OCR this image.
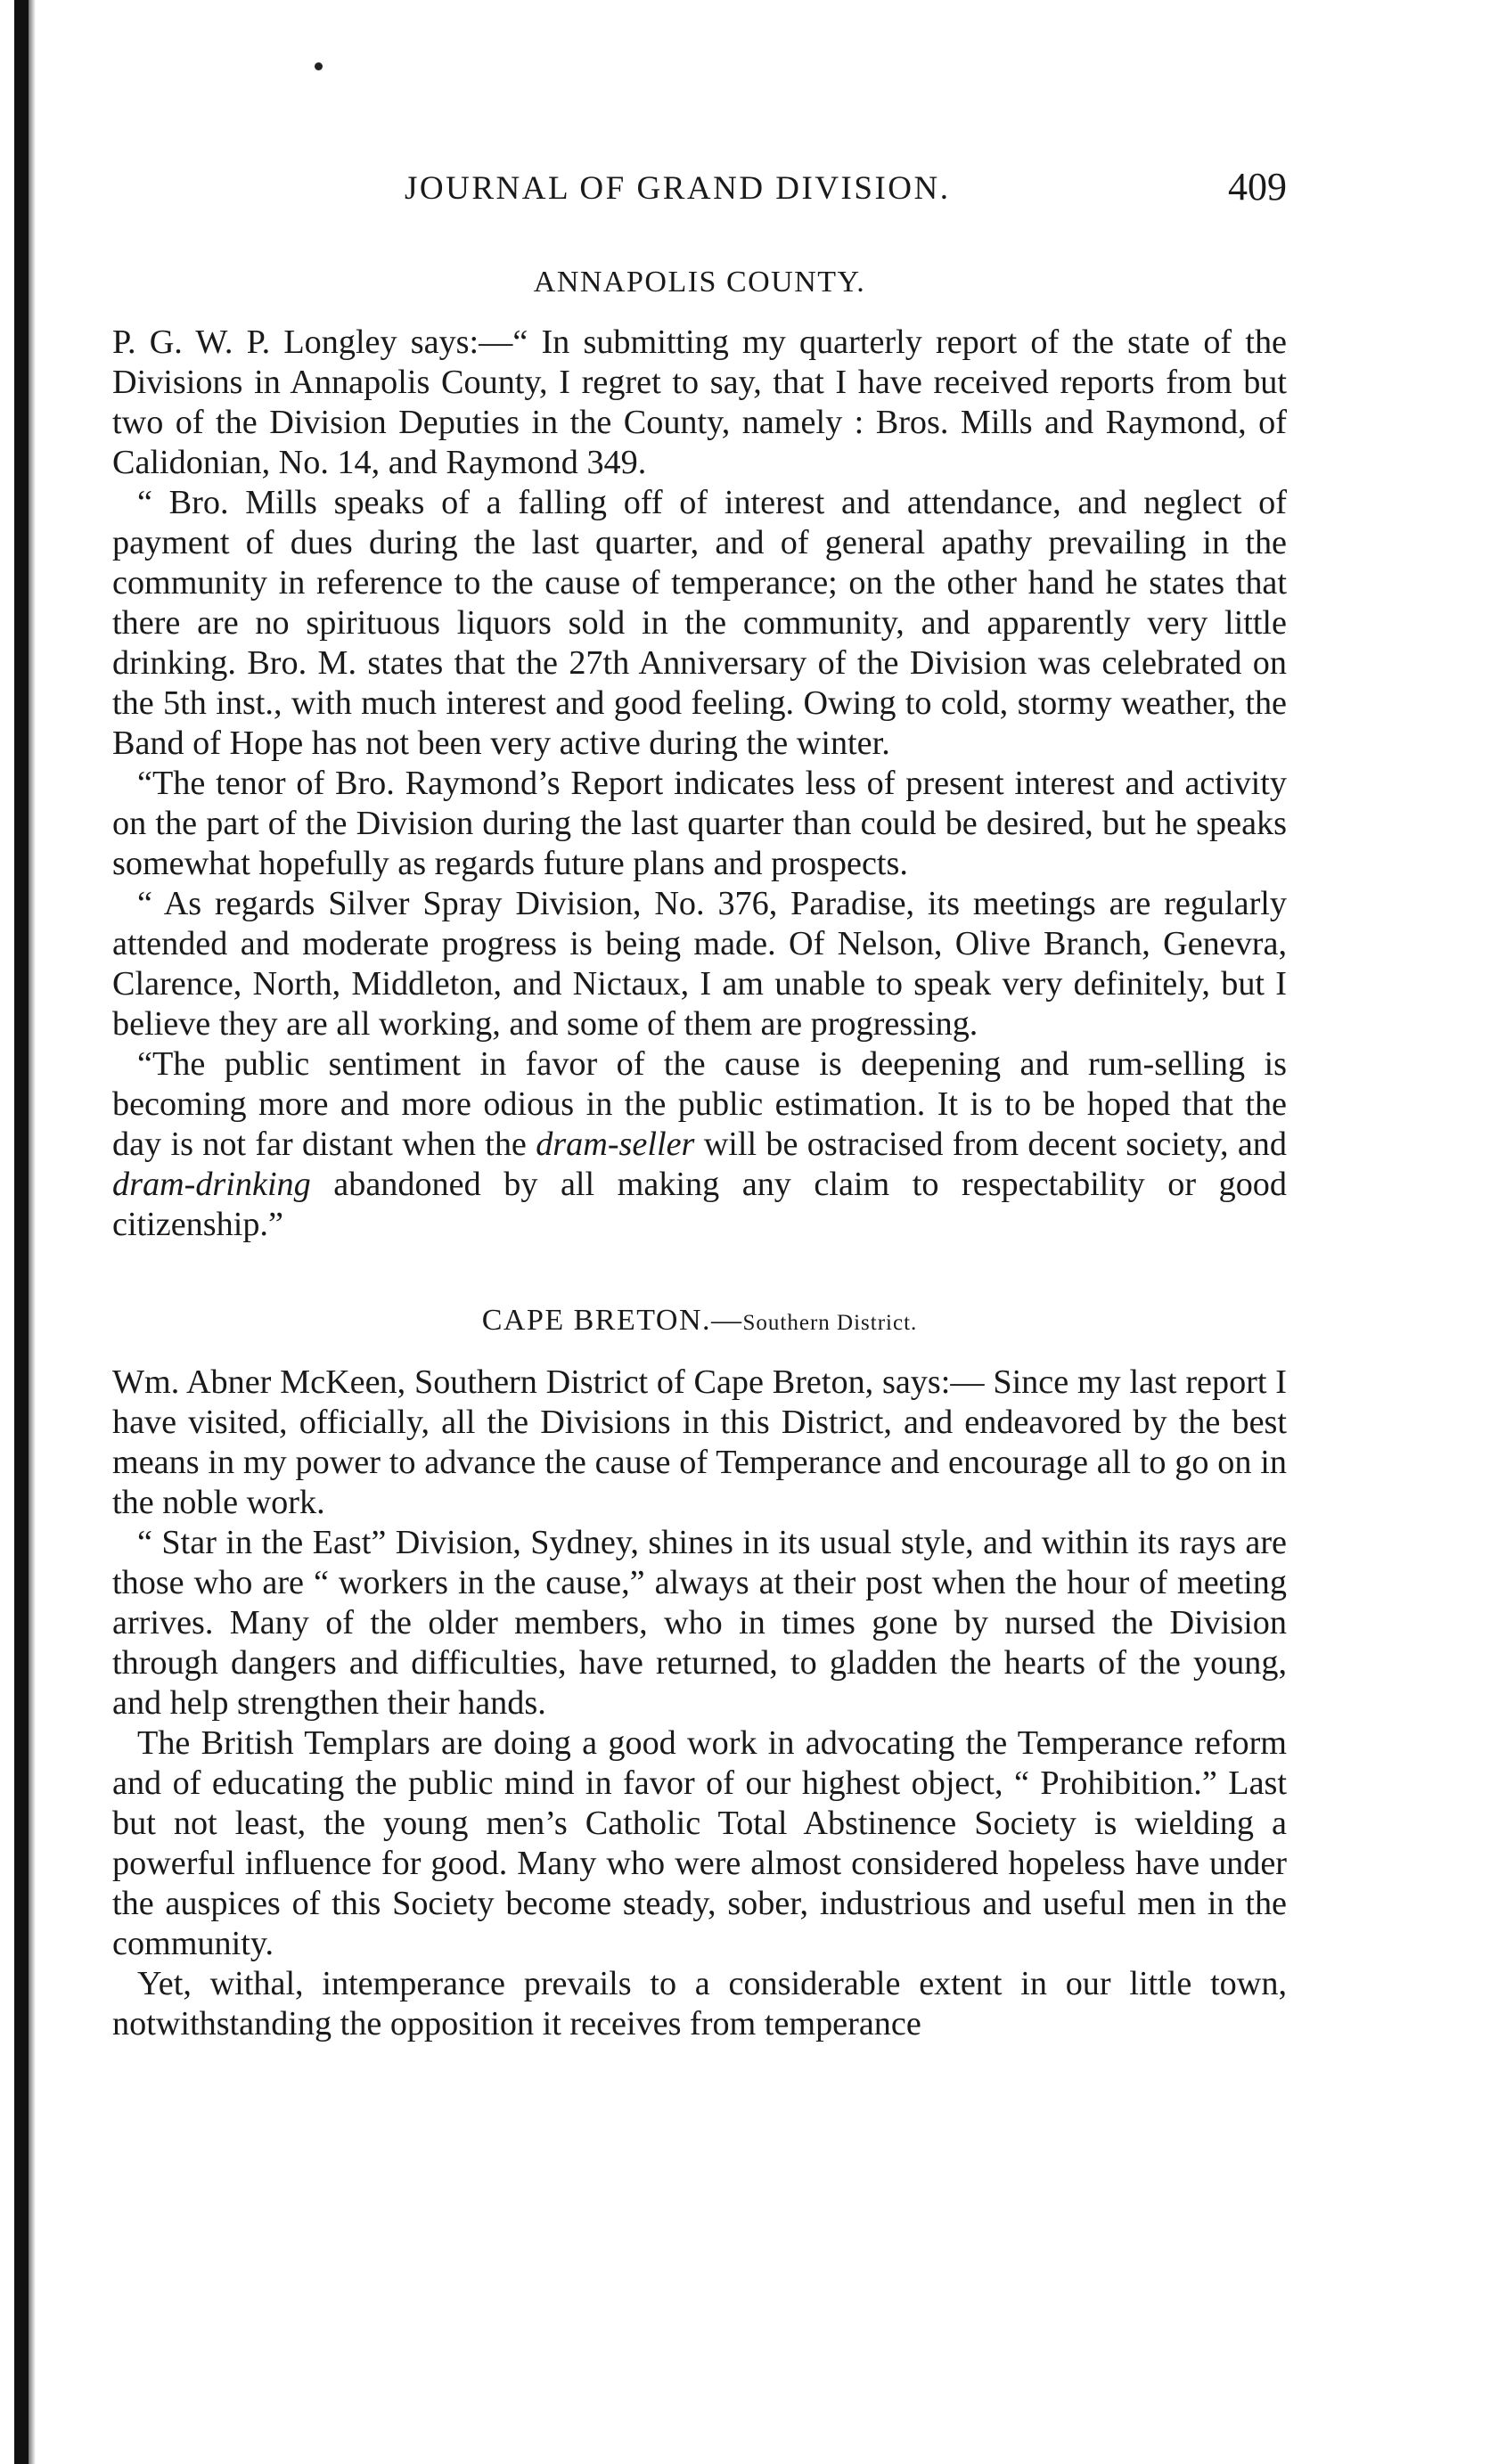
JOURNAL OF GRAND DIVISION.	409
ANNAPOLIS COUNTY.

P. G. W. P. Longley says:—“ In submitting my quarterly report of the state of the Divisions in Annapolis County, I regret to say, that I have received reports from but two of the Division Deputies in the County, namely : Bros. Mills and Raymond, of Calidonian, No. 14, and Raymond 349.

“ Bro. Mills speaks of a falling off of interest and attendance, and neglect of payment of dues during the last quarter, and of general apathy prevailing in the community in reference to the cause of temperance; on the other hand he states that there are no spirituous liquors sold in the community, and apparently very little drinking. Bro. M. states that the 27th Anniversary of the Division was celebrated on the 5th inst., with much interest and good feeling. Owing to cold, stormy weather, the Band of Hope has not been very active during the winter.

“The tenor of Bro. Raymond’s Report indicates less of present interest and activity on the part of the Division during the last quarter than could be desired, but he speaks somewhat hopefully as regards future plans and prospects.

“ As regards Silver Spray Division, No. 376, Paradise, its meetings are regularly attended and moderate progress is being made. Of Nelson, Olive Branch, Genevra, Clarence, North, Middleton, and Nictaux, I am unable to speak very definitely, but I believe they are all working, and some of them are progressing.

“The public sentiment in favor of the cause is deepening and rum-selling is becoming more and more odious in the public estimation. It is to be hoped that the day is not far distant when the dram-seller will be ostracised from decent society, and dram-drinking abandoned by all making any claim to respectability or good citizenship.”

CAPE BRETON.—Southern District.

Wm. Abner McKeen, Southern District of Cape Breton, says:— Since my last report I have visited, officially, all the Divisions in this District, and endeavored by the best means in my power to advance the cause of Temperance and encourage all to go on in the noble work.

“ Star in the East” Division, Sydney, shines in its usual style, and within its rays are those who are “ workers in the cause,” always at their post when the hour of meeting arrives. Many of the older members, who in times gone by nursed the Division through dangers and difficulties, have returned, to gladden the hearts of the young, and help strengthen their hands.

The British Templars are doing a good work in advocating the Temperance reform and of educating the public mind in favor of our highest object, “ Prohibition.” Last but not least, the young men’s Catholic Total Abstinence Society is wielding a powerful influence for good. Many who were almost considered hopeless have under the auspices of this Society become steady, sober, industrious and useful men in the community.

Yet, withal, intemperance prevails to a considerable extent in our little town, notwithstanding the opposition it receives from temperance
